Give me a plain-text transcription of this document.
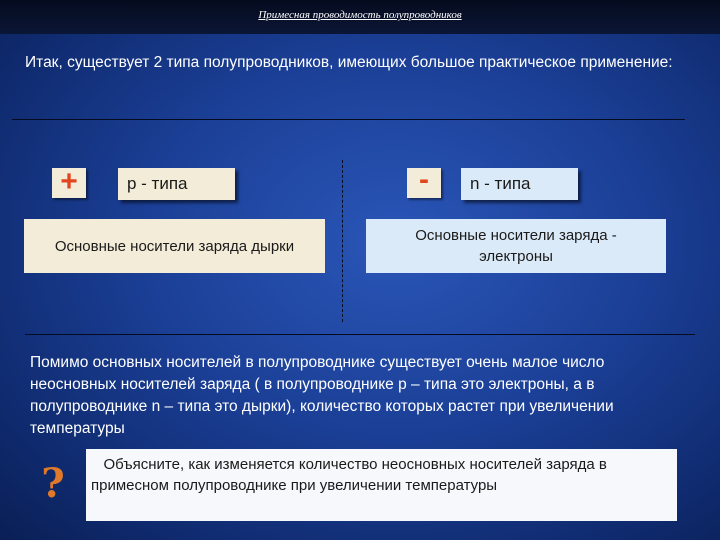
Примесная проводимость полупроводников
Итак, существует 2 типа полупроводников, имеющих большое практическое применение:
+	р - типа
Основные носители заряда дырки
-	n - типа
Основные носители заряда - электроны
Помимо основных носителей в полупроводнике существует очень малое число неосновных носителей заряда ( в полупроводнике р – типа это электроны, а в полупроводнике n – типа это дырки), количество которых растет при увеличении температуры
?	Объясните, как изменяется количество неосновных носителей заряда в примесном полупроводнике при увеличении температуры
